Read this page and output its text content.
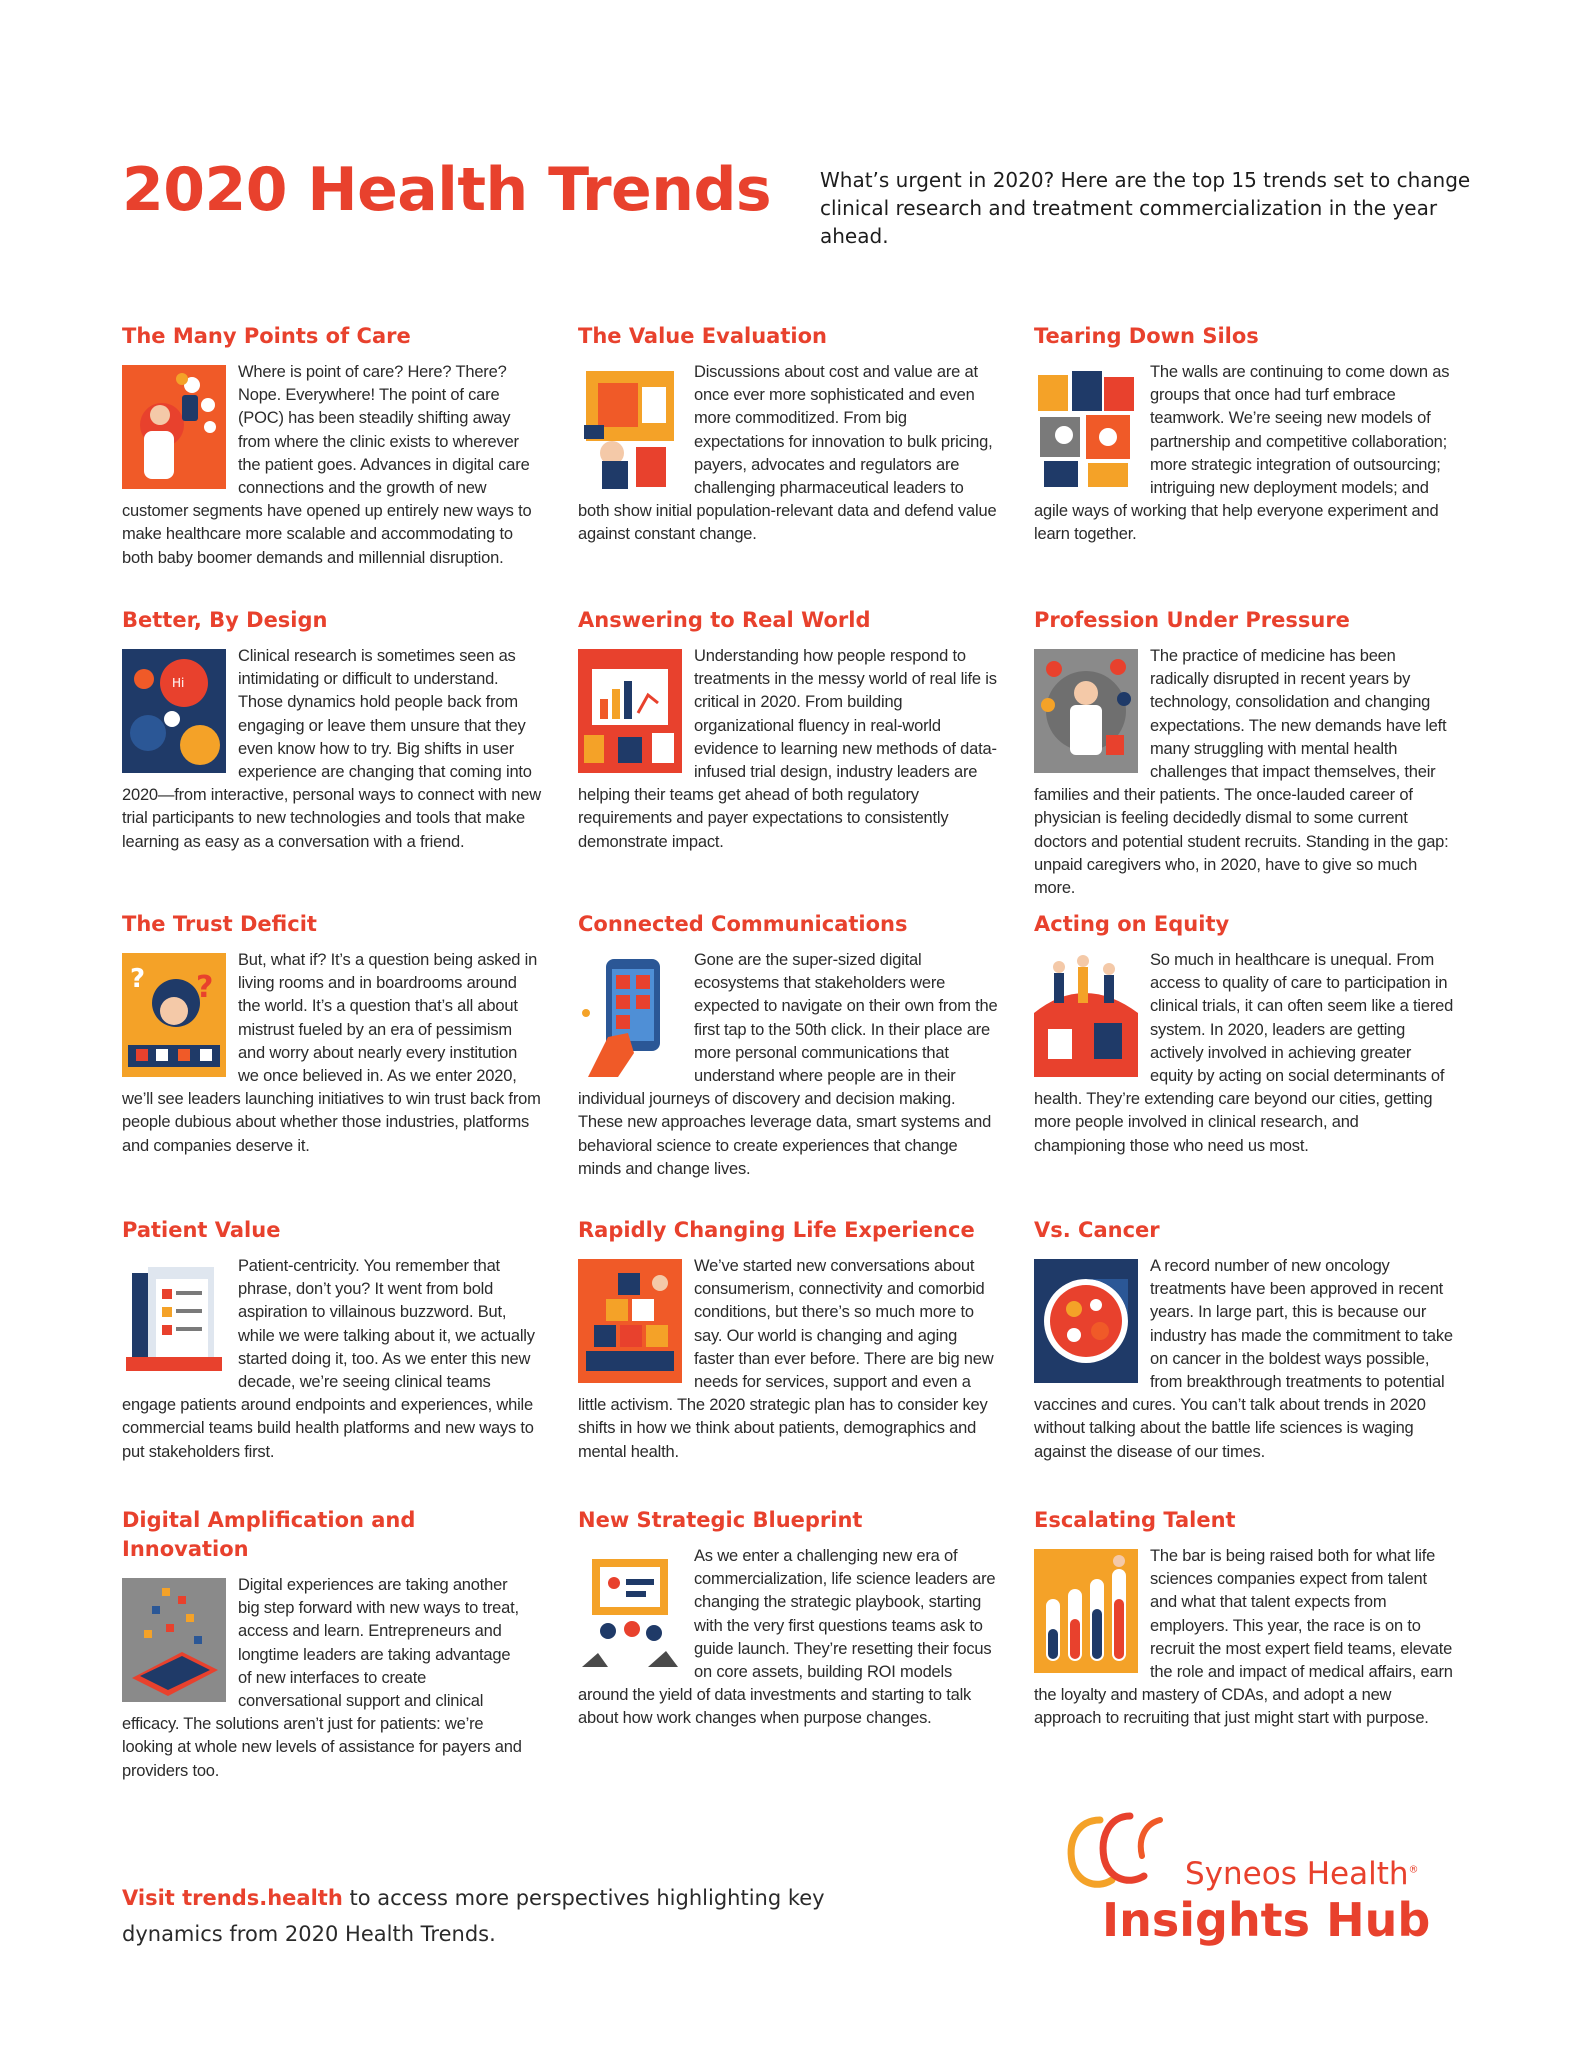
2020 Health Trends What’s urgent in 2020? Here are the top 15 trends set to change clinical research and treatment commercialization in the year ahead.

The Many Points of Care

Where is point of care? Here? There? Nope. Everywhere! The point of care (POC) has been steadily shifting away from where the clinic exists to wherever the patient goes. Advances in digital care connections and the growth of new customer segments have opened up entirely new ways to make healthcare more scalable and accommodating to both baby boomer demands and millennial disruption.

The Value Evaluation

Discussions about cost and value are at once ever more sophisticated and even more commoditized. From big expectations for innovation to bulk pricing, payers, advocates and regulators are challenging pharmaceutical leaders to both show initial population-relevant data and defend value against constant change.

Tearing Down Silos

The walls are continuing to come down as groups that once had turf embrace teamwork. We’re seeing new models of partnership and competitive collaboration; more strategic integration of outsourcing; intriguing new deployment models; and agile ways of working that help everyone experiment and learn together.

Better, By Design
Hi

Clinical research is sometimes seen as intimidating or difficult to understand. Those dynamics hold people back from engaging or leave them unsure that they even know how to try. Big shifts in user experience are changing that coming into 2020—from interactive, personal ways to connect with new trial participants to new technologies and tools that make learning as easy as a conversation with a friend.

Answering to Real World

Understanding how people respond to treatments in the messy world of real life is critical in 2020. From building organizational fluency in real-world evidence to learning new methods of data-infused trial design, industry leaders are helping their teams get ahead of both regulatory requirements and payer expectations to consistently demonstrate impact.

Profession Under Pressure

The practice of medicine has been radically disrupted in recent years by technology, consolidation and changing expectations. The new demands have left many struggling with mental health challenges that impact themselves, their families and their patients. The once-lauded career of physician is feeling decidedly dismal to some current doctors and potential student recruits. Standing in the gap: unpaid caregivers who, in 2020, have to give so much more.

The Trust Deficit
? ?

But, what if? It’s a question being asked in living rooms and in boardrooms around the world. It’s a question that’s all about mistrust fueled by an era of pessimism and worry about nearly every institution we once believed in. As we enter 2020, we’ll see leaders launching initiatives to win trust back from people dubious about whether those industries, platforms and companies deserve it.

Connected Communications

Gone are the super-sized digital ecosystems that stakeholders were expected to navigate on their own from the first tap to the 50th click. In their place are more personal communications that understand where people are in their individual journeys of discovery and decision making. These new approaches leverage data, smart systems and behavioral science to create experiences that change minds and change lives.

Acting on Equity

So much in healthcare is unequal. From access to quality of care to participation in clinical trials, it can often seem like a tiered system. In 2020, leaders are getting actively involved in achieving greater equity by acting on social determinants of health. They’re extending care beyond our cities, getting more people involved in clinical research, and championing those who need us most.

Patient Value

Patient-centricity. You remember that phrase, don’t you? It went from bold aspiration to villainous buzzword. But, while we were talking about it, we actually started doing it, too. As we enter this new decade, we’re seeing clinical teams engage patients around endpoints and experiences, while commercial teams build health platforms and new ways to put stakeholders first.

Rapidly Changing Life Experience

We’ve started new conversations about consumerism, connectivity and comorbid conditions, but there’s so much more to say. Our world is changing and aging faster than ever before. There are big new needs for services, support and even a little activism. The 2020 strategic plan has to consider key shifts in how we think about patients, demographics and mental health.

Vs. Cancer

A record number of new oncology treatments have been approved in recent years. In large part, this is because our industry has made the commitment to take on cancer in the boldest ways possible, from breakthrough treatments to potential vaccines and cures. You can’t talk about trends in 2020 without talking about the battle life sciences is waging against the disease of our times.

Digital Amplification and Innovation

Digital experiences are taking another big step forward with new ways to treat, access and learn. Entrepreneurs and longtime leaders are taking advantage of new interfaces to create conversational support and clinical efficacy. The solutions aren’t just for patients: we’re looking at whole new levels of assistance for payers and providers too.

New Strategic Blueprint

As we enter a challenging new era of commercialization, life science leaders are changing the strategic playbook, starting with the very first questions teams ask to guide launch. They’re resetting their focus on core assets, building ROI models around the yield of data investments and starting to talk about how work changes when purpose changes.

Escalating Talent

The bar is being raised both for what life sciences companies expect from talent and what that talent expects from employers. This year, the race is on to recruit the most expert field teams, elevate the role and impact of medical affairs, earn the loyalty and mastery of CDAs, and adopt a new approach to recruiting that just might start with purpose.

Visit trends.health to access more perspectives highlighting key dynamics from 2020 Health Trends.

Syneos Health®
Insights Hub
